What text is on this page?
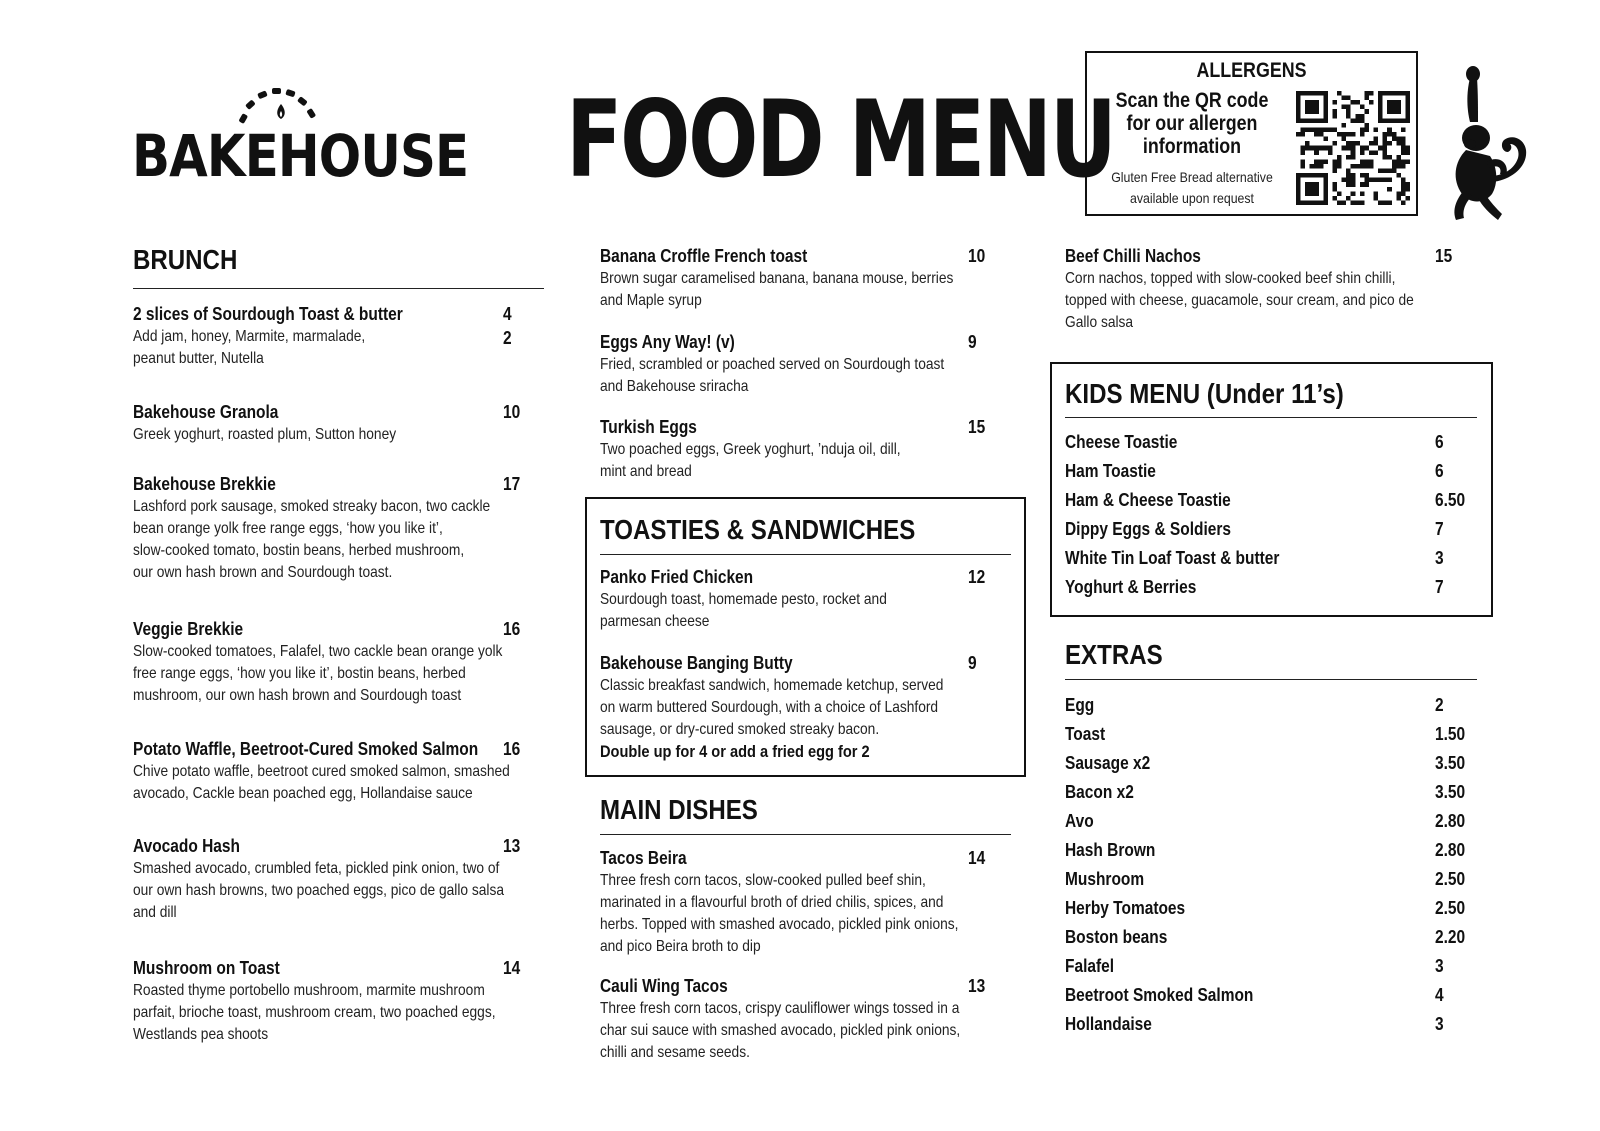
BAKEHOUSE FOOD MENU
ALLERGENS
Scan the QR code
for our allergen
information
Gluten Free Bread alternative
available upon request
BRUNCH
2 slices of Sourdough Toast & butter	4
2
Add jam, honey, Marmite, marmalade,
peanut butter, Nutella
Bakehouse Granola	10
Greek yoghurt, roasted plum, Sutton honey
Bakehouse Brekkie	17
Lashford pork sausage, smoked streaky bacon, two cackle
bean orange yolk free range eggs, ‘how you like it’,
slow-cooked tomato, bostin beans, herbed mushroom,
our own hash brown and Sourdough toast.
Veggie Brekkie	16
Slow-cooked tomatoes, Falafel, two cackle bean orange yolk
free range eggs, ‘how you like it’, bostin beans, herbed
mushroom, our own hash brown and Sourdough toast
Potato Waffle, Beetroot-Cured Smoked Salmon 16
Chive potato waffle, beetroot cured smoked salmon, smashed
avocado, Cackle bean poached egg, Hollandaise sauce
Avocado Hash	13
Smashed avocado, crumbled feta, pickled pink onion, two of
our own hash browns, two poached eggs, pico de gallo salsa
and dill
Mushroom on Toast	14
Roasted thyme portobello mushroom, marmite mushroom
parfait, brioche toast, mushroom cream, two poached eggs,
Westlands pea shoots
Banana Croffle French toast	10
Brown sugar caramelised banana, banana mouse, berries
and Maple syrup
Eggs Any Way! (v)	9
Fried, scrambled or poached served on Sourdough toast
and Bakehouse sriracha
Turkish Eggs	15
Two poached eggs, Greek yoghurt, ’nduja oil, dill,
mint and bread
TOASTIES & SANDWICHES
Panko Fried Chicken	12
Sourdough toast, homemade pesto, rocket and
parmesan cheese
Bakehouse Banging Butty	9
Classic breakfast sandwich, homemade ketchup, served
on warm buttered Sourdough, with a choice of Lashford
sausage, or dry-cured smoked streaky bacon.
Double up for 4 or add a fried egg for 2
MAIN DISHES
Tacos Beira	14
Three fresh corn tacos, slow-cooked pulled beef shin,
marinated in a flavourful broth of dried chilis, spices, and
herbs. Topped with smashed avocado, pickled pink onions,
and pico Beira broth to dip
Cauli Wing Tacos	13
Three fresh corn tacos, crispy cauliflower wings tossed in a
char sui sauce with smashed avocado, pickled pink onions,
chilli and sesame seeds.
Beef Chilli Nachos	15
Corn nachos, topped with slow-cooked beef shin chilli,
topped with cheese, guacamole, sour cream, and pico de
Gallo salsa
KIDS MENU (Under 11’s)
Cheese Toastie	6
Ham Toastie	6
Ham & Cheese Toastie	6.50
Dippy Eggs & Soldiers	7
White Tin Loaf Toast & butter	3
Yoghurt & Berries	7
EXTRAS
Egg	2
Toast	1.50
Sausage x2	3.50
Bacon x2	3.50
Avo	2.80
Hash Brown	2.80
Mushroom	2.50
Herby Tomatoes	2.50
Boston beans	2.20
Falafel	3
Beetroot Smoked Salmon	4
Hollandaise	3
